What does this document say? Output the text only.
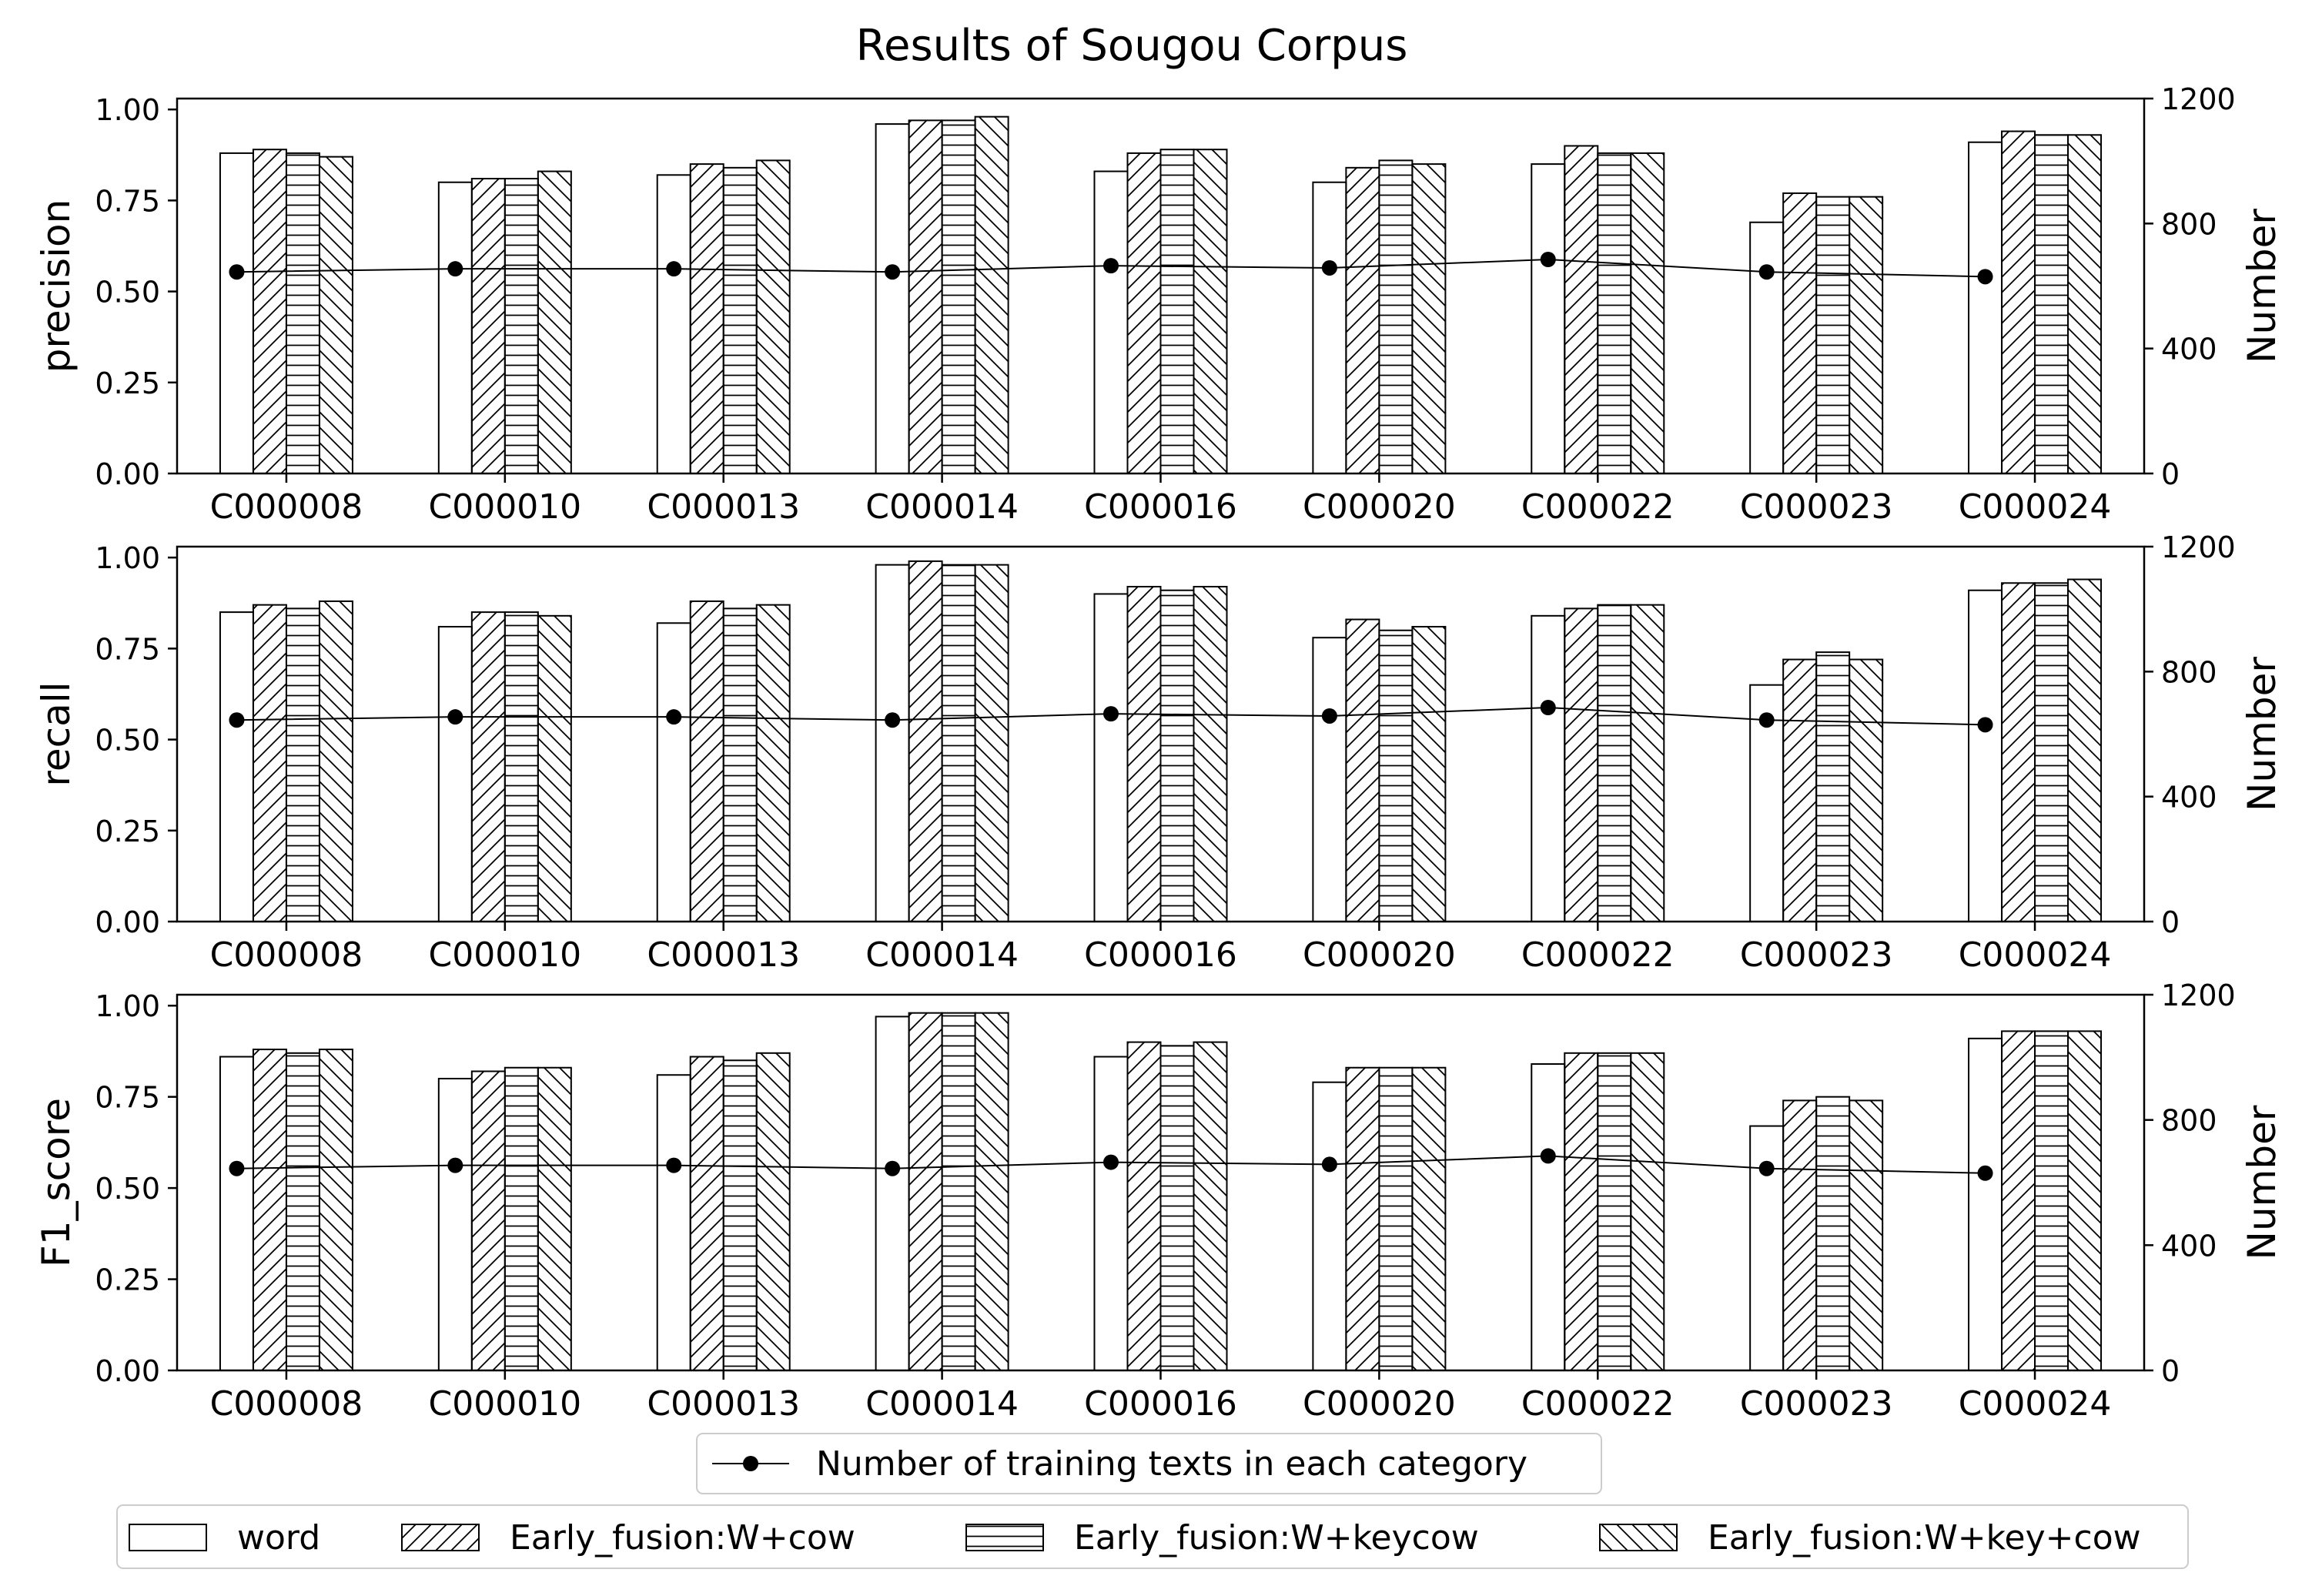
Results of Sougou Corpus
0.00
0.25
0.50
0.75
1.00
0
400
800
1200
C000008 C000010 C000013 C000014 C000016 C000020 C000022 C000023 C000024
precision	Number
0.00
0.25
0.50
0.75
1.00
0
400
800
1200
C000008 C000010 C000013 C000014 C000016 C000020 C000022 C000023 C000024
recall	Number
0.00
0.25
0.50
0.75
1.00
0
400
800
1200
C000008 C000010 C000013 C000014 C000016 C000020 C000022 C000023 C000024
F1_score	Number
Number of training texts in each category
word	Early_fusion:W+cow	Early_fusion:W+keycow	Early_fusion:W+key+cow
